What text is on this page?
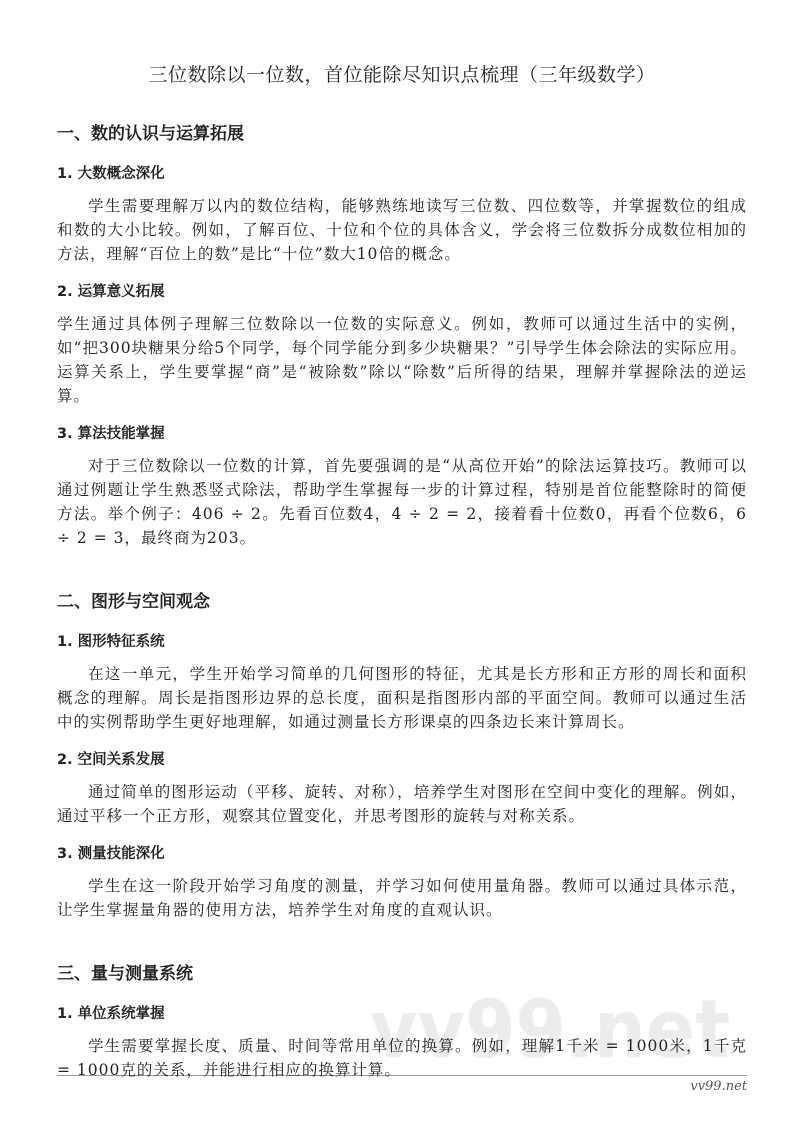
三位数除以一位数，首位能除尽知识点梳理（三年级数学）
一、数的认识与运算拓展
1. 大数概念深化

学生需要理解万以内的数位结构，能够熟练地读写三位数、四位数等，并掌握数位的组成和数的大小比较。例如，了解百位、十位和个位的具体含义，学会将三位数拆分成数位相加的方法，理解“百位上的数”是比“十位”数大10倍的概念。

2. 运算意义拓展

学生通过具体例子理解三位数除以一位数的实际意义。例如，教师可以通过生活中的实例，如“把300块糖果分给5个同学，每个同学能分到多少块糖果？”引导学生体会除法的实际应用。运算关系上，学生要掌握“商”是“被除数”除以“除数”后所得的结果，理解并掌握除法的逆运算。

3. 算法技能掌握

对于三位数除以一位数的计算，首先要强调的是“从高位开始”的除法运算技巧。教师可以通过例题让学生熟悉竖式除法，帮助学生掌握每一步的计算过程，特别是首位能整除时的简便方法。举个例子：406 ÷ 2。先看百位数4，4 ÷ 2 = 2，接着看十位数0，再看个位数6，6 ÷ 2 = 3，最终商为203。

二、图形与空间观念
1. 图形特征系统

在这一单元，学生开始学习简单的几何图形的特征，尤其是长方形和正方形的周长和面积概念的理解。周长是指图形边界的总长度，面积是指图形内部的平面空间。教师可以通过生活中的实例帮助学生更好地理解，如通过测量长方形课桌的四条边长来计算周长。

2. 空间关系发展

通过简单的图形运动（平移、旋转、对称），培养学生对图形在空间中变化的理解。例如，通过平移一个正方形，观察其位置变化，并思考图形的旋转与对称关系。

3. 测量技能深化

学生在这一阶段开始学习角度的测量，并学习如何使用量角器。教师可以通过具体示范，让学生掌握量角器的使用方法，培养学生对角度的直观认识。

三、量与测量系统
1. 单位系统掌握

学生需要掌握长度、质量、时间等常用单位的换算。例如，理解1千米 = 1000米，1千克 = 1000克的关系，并能进行相应的换算计算。

vv99.net
